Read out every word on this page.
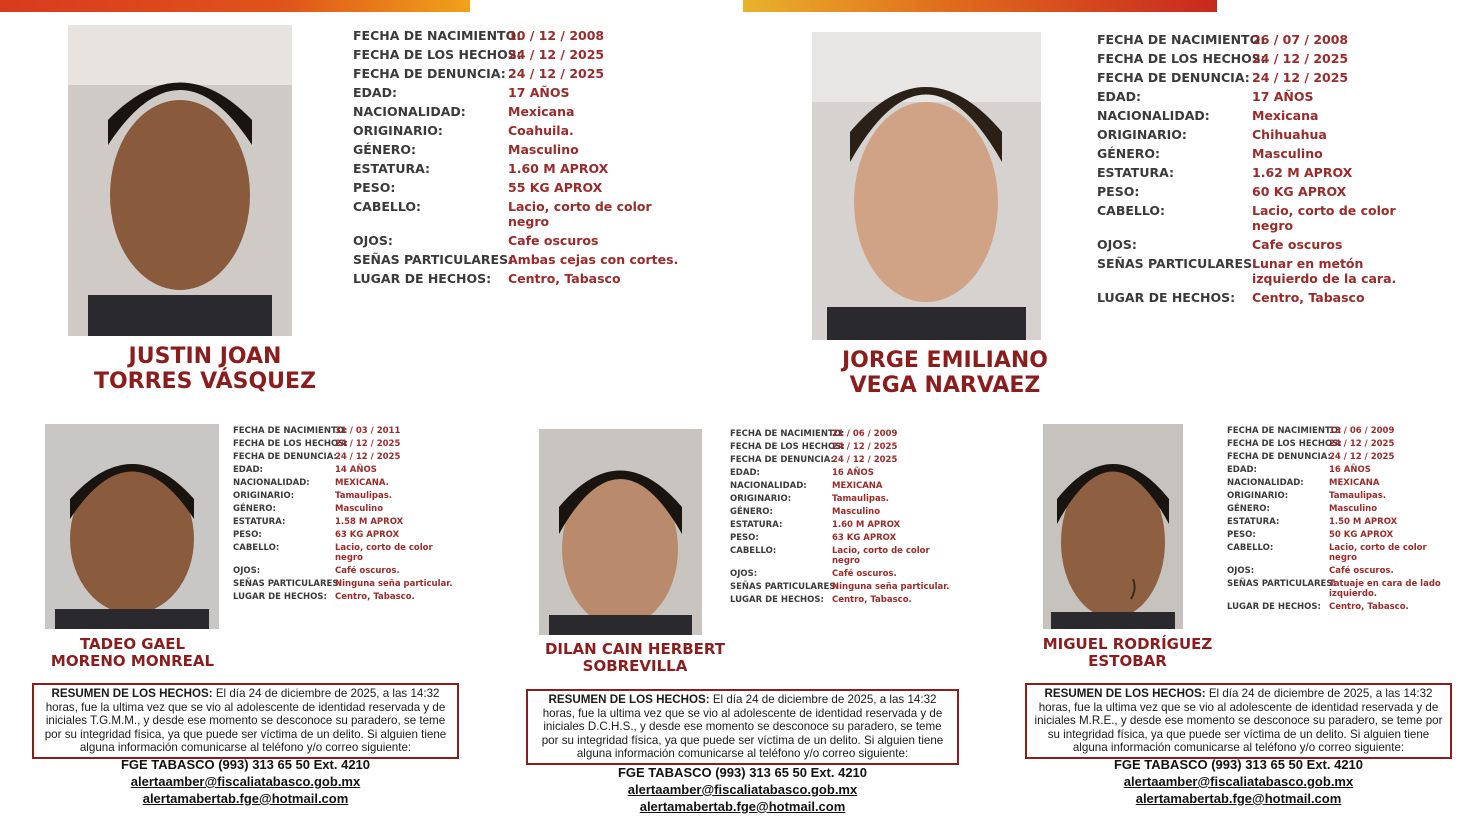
JUSTIN JOAN
TORRES VÁSQUEZ
FECHA DE NACIMIENTO:
10 / 12 / 2008
FECHA DE LOS HECHOS:
24 / 12 / 2025
FECHA DE DENUNCIA: 24 / 12 / 2025
EDAD:	17 AÑOS
NACIONALIDAD:	Mexicana
ORIGINARIO:	Coahuila.
GÉNERO:	Masculino
ESTATURA:	1.60 M APROX
PESO:	55 KG APROX
CABELLO:	Lacio, corto de color negro
OJOS:	Cafe oscuros
SEÑAS PARTICULARES:
Ambas cejas con cortes.
LUGAR DE HECHOS:	Centro, Tabasco
JORGE EMILIANO
VEGA NARVAEZ
FECHA DE NACIMIENTO:
26 / 07 / 2008
FECHA DE LOS HECHOS:
24 / 12 / 2025
FECHA DE DENUNCIA: 24 / 12 / 2025
EDAD:	17 AÑOS
NACIONALIDAD:	Mexicana
ORIGINARIO:	Chihuahua
GÉNERO:	Masculino
ESTATURA:	1.62 M APROX
PESO:	60 KG APROX
CABELLO:	Lacio, corto de color negro
OJOS:	Cafe oscuros
SEÑAS PARTICULARES:
Lunar en metón izquierdo de la cara.
LUGAR DE HECHOS:	Centro, Tabasco
TADEO GAEL
MORENO MONREAL
FECHA DE NACIMIENTO:
31 / 03 / 2011
FECHA DE LOS HECHOS:
24 / 12 / 2025
FECHA DE DENUNCIA:
24 / 12 / 2025
EDAD:	14 AÑOS
NACIONALIDAD:	MEXICANA.
ORIGINARIO:	Tamaulipas.
GÉNERO:	Masculino
ESTATURA:	1.58 M APROX
PESO:	63 KG APROX
CABELLO:	Lacio, corto de color negro
OJOS:	Café oscuros.
SEÑAS PARTICULARES:
Ninguna seña particular.
LUGAR DE HECHOS: Centro, Tabasco.
RESUMEN DE LOS HECHOS: El día 24 de diciembre de 2025, a las 14:32 horas, fue la ultima vez que se vio al adolescente de identidad reservada y de iniciales T.G.M.M., y desde ese momento se desconoce su paradero, se teme por su integridad física, ya que puede ser víctima de un delito. Si alguien tiene alguna información comunicarse al teléfono y/o correo siguiente:
FGE TABASCO (993) 313 65 50 Ext. 4210
alertaamber@fiscaliatabasco.gob.mx
alertamabertab.fge@hotmail.com
DILAN CAIN HERBERT
SOBREVILLA
FECHA DE NACIMIENTO:
21 / 06 / 2009
FECHA DE LOS HECHOS:
24 / 12 / 2025
FECHA DE DENUNCIA:
24 / 12 / 2025
EDAD:	16 AÑOS
NACIONALIDAD:	MEXICANA
ORIGINARIO:	Tamaulipas.
GÉNERO:	Masculino
ESTATURA:	1.60 M APROX
PESO:	63 KG APROX
CABELLO:	Lacio, corto de color negro
OJOS:	Café oscuros.
SEÑAS PARTICULARES:
Ninguna seña particular.
LUGAR DE HECHOS: Centro, Tabasco.
RESUMEN DE LOS HECHOS: El día 24 de diciembre de 2025, a las 14:32 horas, fue la ultima vez que se vio al adolescente de identidad reservada y de iniciales D.C.H.S., y desde ese momento se desconoce su paradero, se teme por su integridad física, ya que puede ser víctima de un delito. Si alguien tiene alguna información comunicarse al teléfono y/o correo siguiente:
FGE TABASCO (993) 313 65 50 Ext. 4210
alertaamber@fiscaliatabasco.gob.mx
alertamabertab.fge@hotmail.com
MIGUEL RODRÍGUEZ
ESTOBAR
FECHA DE NACIMIENTO:
13 / 06 / 2009
FECHA DE LOS HECHOS:
24 / 12 / 2025
FECHA DE DENUNCIA:
24 / 12 / 2025
EDAD:	16 AÑOS
NACIONALIDAD:	MEXICANA
ORIGINARIO:	Tamaulipas.
GÉNERO:	Masculino
ESTATURA:	1.50 M APROX
PESO:	50 KG APROX
CABELLO:	Lacio, corto de color negro
OJOS:	Café oscuros.
SEÑAS PARTICULARES:
Tatuaje en cara de lado izquierdo.
LUGAR DE HECHOS: Centro, Tabasco.
RESUMEN DE LOS HECHOS: El día 24 de diciembre de 2025, a las 14:32 horas, fue la ultima vez que se vio al adolescente de identidad reservada y de iniciales M.R.E., y desde ese momento se desconoce su paradero, se teme por su integridad física, ya que puede ser víctima de un delito. Si alguien tiene alguna información comunicarse al teléfono y/o correo siguiente:
FGE TABASCO (993) 313 65 50 Ext. 4210
alertaamber@fiscaliatabasco.gob.mx
alertamabertab.fge@hotmail.com
